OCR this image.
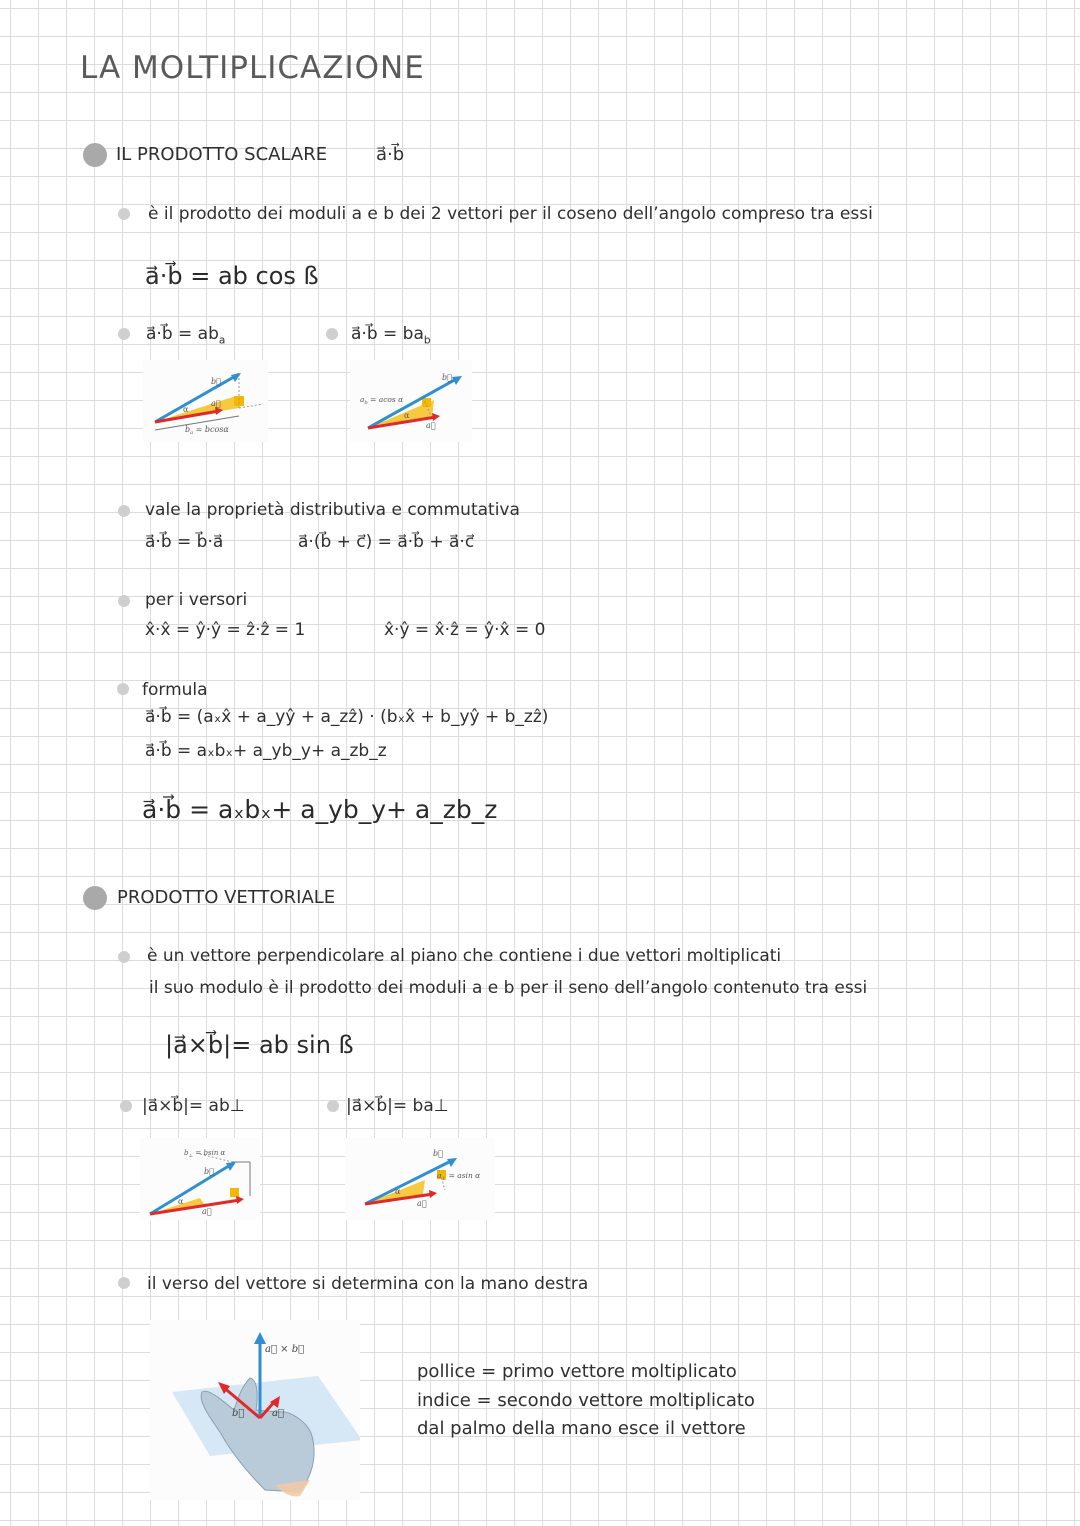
LA MOLTIPLICAZIONE
IL PRODOTTO SCALARE	a⃗·b⃗
è il prodotto dei moduli a e b dei 2 vettori per il coseno dell’angolo compreso tra essi
a⃗·b⃗ = ab cos ß
a⃗·b⃗ = $ab_a$	a⃗·b⃗ = $ba_b$
b⃗
a⃗
α
$b_a = bcos\alpha$
b⃗
a⃗
α
$a_b = acos$ α
vale la proprietà distributiva e commutativa
a⃗·b⃗ = b⃗·a⃗	a⃗·(b⃗ + c⃗) = a⃗·b⃗ + a⃗·c⃗
per i versori
x̂·x̂ = ŷ·ŷ = ẑ·ẑ = 1	x̂·ŷ = x̂·ẑ = ŷ·x̂ = 0
formula
a⃗·b⃗ = (aₓx̂ + a_yŷ + a_zẑ) · (bₓx̂ + b_yŷ + b_zẑ)
a⃗·b⃗ = aₓbₓ+ a_yb_y+ a_zb_z
a⃗·b⃗ = aₓbₓ+ a_yb_y+ a_zb_z
PRODOTTO VETTORIALE
è un vettore perpendicolare al piano che contiene i due vettori moltiplicati
il suo modulo è il prodotto dei moduli a e b per il seno dell’angolo contenuto tra essi
|a⃗×b⃗|= ab sin ß
|a⃗×b⃗|= ab⊥	|a⃗×b⃗|= ba⊥
b⃗
a⃗
α
$b_\perp = bsin$ α	b⃗
a⃗
α
$a_\perp = asin$ α
il verso del vettore si determina con la mano destra
a⃗ × b⃗
b⃗	a⃗
pollice = primo vettore moltiplicato
indice = secondo vettore moltiplicato
dal palmo della mano esce il vettore
